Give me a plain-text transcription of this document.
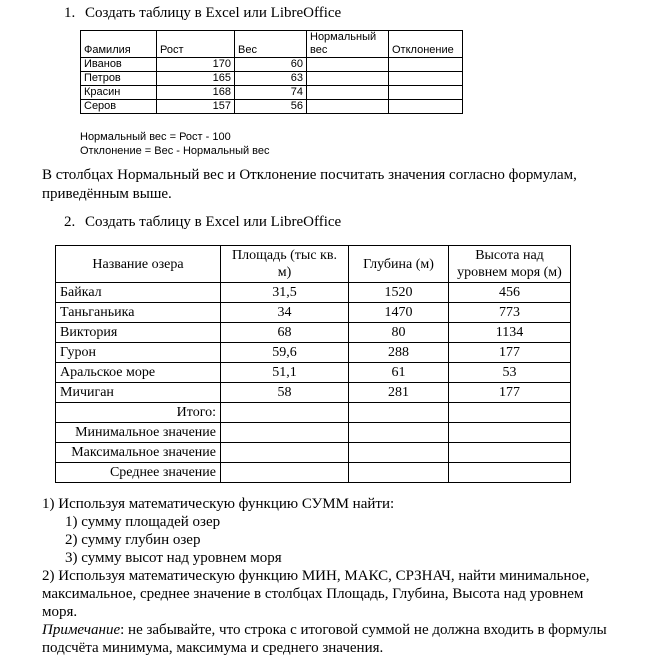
1. Создать таблицу в Excel или LibreOffice
Фамилия	Рост	Вес	Нормальный вес	Отклонение
Иванов	170	60		
Петров	165	63		
Красин	168	74		
Серов	157	56		
Нормальный вес = Рост - 100
Отклонение = Вес - Нормальный вес
В столбцах Нормальный вес и Отклонение посчитать значения согласно формулам, приведённым выше.
2. Создать таблицу в Excel или LibreOffice
Название озера	Площадь (тыс кв. м)	Глубина (м)	Высота над уровнем моря (м)
Байкал	31,5	1520	456
Таньганьика	34	1470	773
Виктория	68	80	1134
Гурон	59,6	288	177
Аральское море	51,1	61	53
Мичиган	58	281	177
Итого:			
Минимальное значение			
Максимальное значение			
Среднее значение			
1) Используя математическую функцию СУММ найти:
1) сумму площадей озер
2) сумму глубин озер
3) сумму высот над уровнем моря
2) Используя математическую функцию МИН, МАКС, СРЗНАЧ, найти минимальное, максимальное, среднее значение в столбцах Площадь, Глубина, Высота над уровнем моря.
Примечание: не забывайте, что строка с итоговой суммой не должна входить в формулы подсчёта минимума, максимума и среднего значения.
